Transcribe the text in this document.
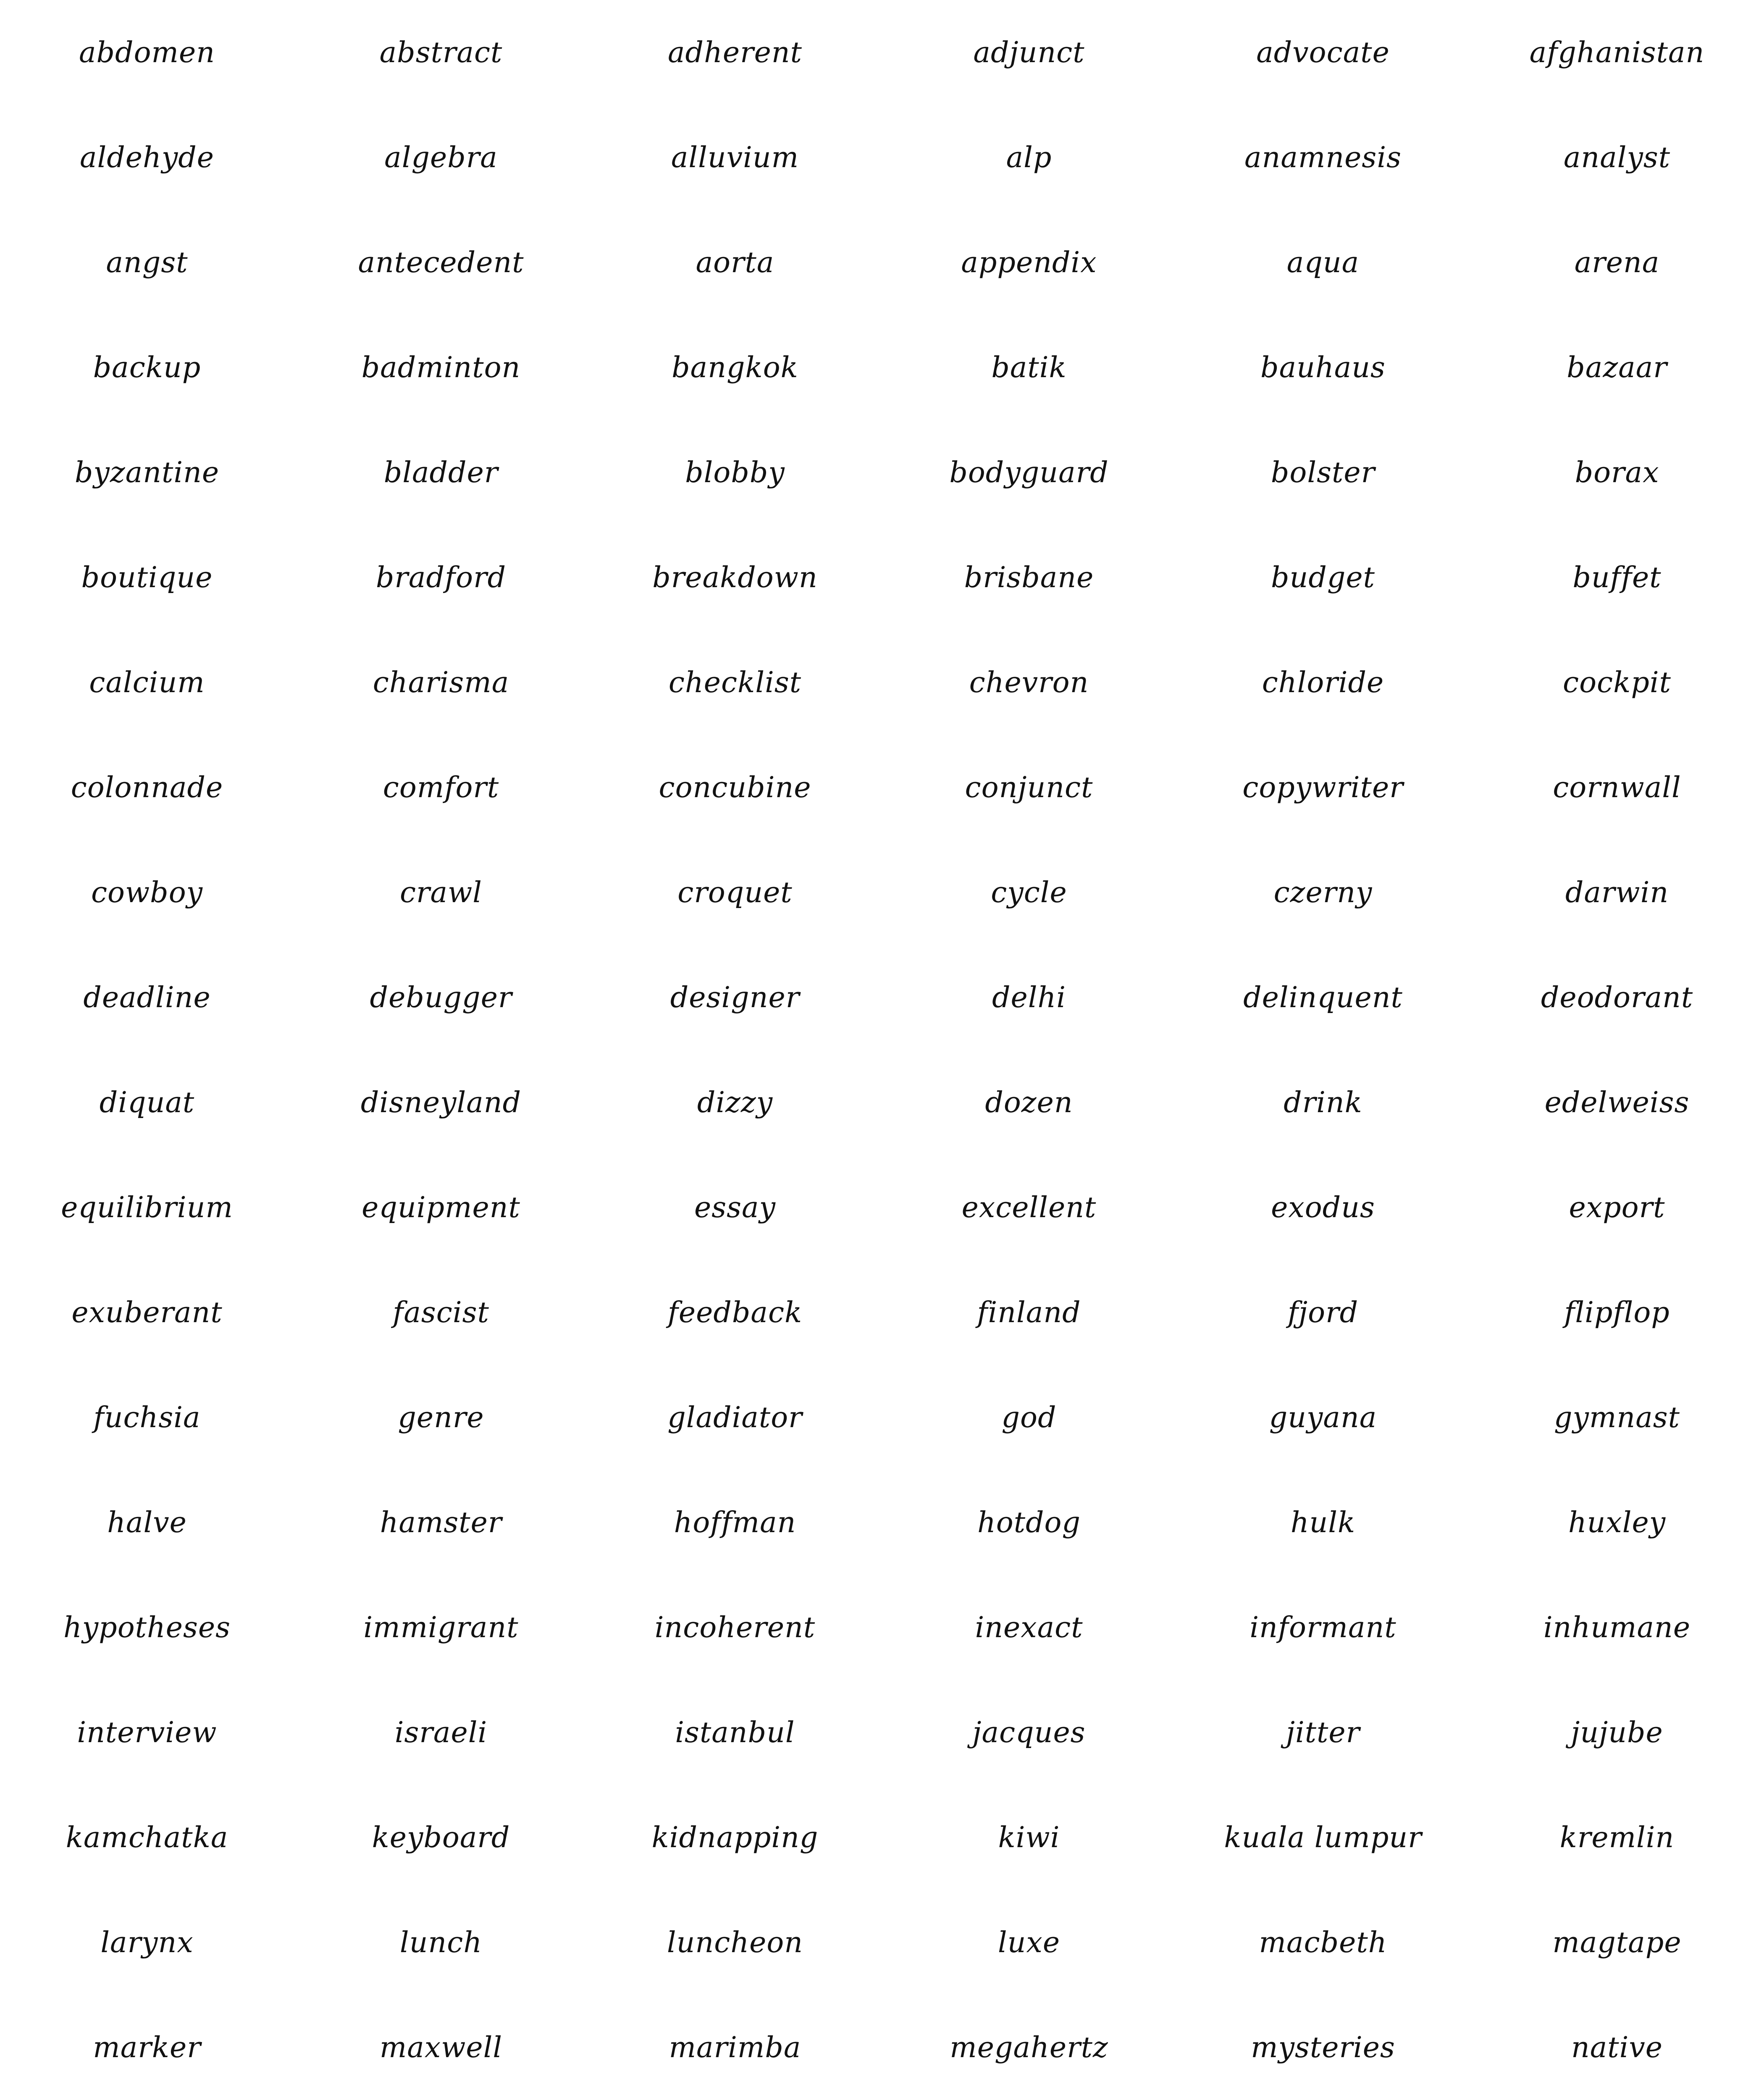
abdomen	abstract	adherent	adjunct	advocate	afghanistan
aldehyde	algebra	alluvium	alp	anamnesis	analyst
angst	antecedent	aorta	appendix	aqua	arena
backup	badminton	bangkok	batik	bauhaus	bazaar
byzantine	bladder	blobby	bodyguard	bolster	borax
boutique	bradford	breakdown	brisbane	budget	buffet
calcium	charisma	checklist	chevron	chloride	cockpit
colonnade	comfort	concubine	conjunct	copywriter	cornwall
cowboy	crawl	croquet	cycle	czerny	darwin
deadline	debugger	designer	delhi	delinquent	deodorant
diquat	disneyland	dizzy	dozen	drink	edelweiss
equilibrium	equipment	essay	excellent	exodus	export
exuberant	fascist	feedback	finland	fjord	flipflop
fuchsia	genre	gladiator	god	guyana	gymnast
halve	hamster	hoffman	hotdog	hulk	huxley
hypotheses	immigrant	incoherent	inexact	informant	inhumane
interview	israeli	istanbul	jacques	jitter	jujube
kamchatka	keyboard	kidnapping	kiwi	kuala lumpur	kremlin
larynx	lunch	luncheon	luxe	macbeth	magtape
marker	maxwell	marimba	megahertz	mysteries	native
